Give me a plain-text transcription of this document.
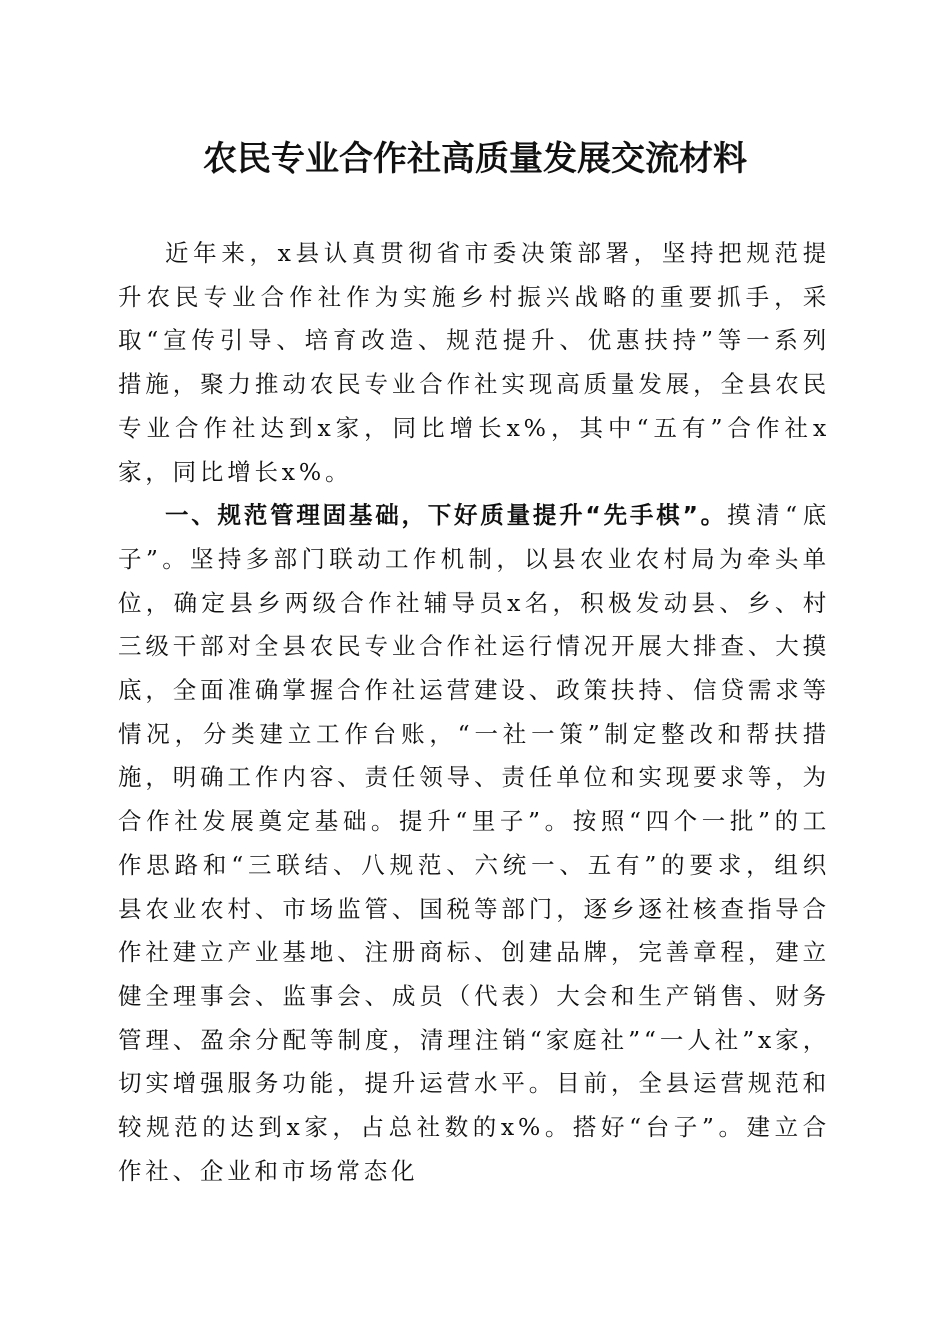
农民专业合作社高质量发展交流材料

近年来，x县认真贯彻省市委决策部署，坚持把规范提升农民专业合作社作为实施乡村振兴战略的重要抓手，采取“宣传引导、培育改造、规范提升、优惠扶持”等一系列措施，聚力推动农民专业合作社实现高质量发展，全县农民专业合作社达到x家，同比增长x%，其中“五有”合作社x家，同比增长x%。

一、规范管理固基础，下好质量提升“先手棋”。摸清“底子”。坚持多部门联动工作机制，以县农业农村局为牵头单位，确定县乡两级合作社辅导员x名，积极发动县、乡、村三级干部对全县农民专业合作社运行情况开展大排查、大摸底，全面准确掌握合作社运营建设、政策扶持、信贷需求等情况，分类建立工作台账，“一社一策”制定整改和帮扶措施，明确工作内容、责任领导、责任单位和实现要求等，为合作社发展奠定基础。提升“里子”。按照“四个一批”的工作思路和“三联结、八规范、六统一、五有”的要求，组织县农业农村、市场监管、国税等部门，逐乡逐社核查指导合作社建立产业基地、注册商标、创建品牌，完善章程，建立健全理事会、监事会、成员（代表）大会和生产销售、财务管理、盈余分配等制度，清理注销“家庭社”“一人社”x家，切实增强服务功能，提升运营水平。目前，全县运营规范和较规范的达到x家，占总社数的x%。搭好“台子”。建立合作社、企业和市场常态化
